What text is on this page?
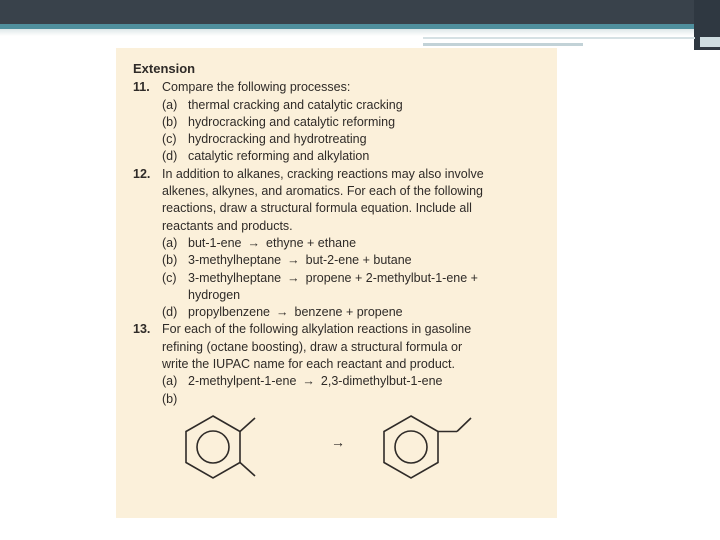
Extension
11. Compare the following processes:
(a) thermal cracking and catalytic cracking
(b) hydrocracking and catalytic reforming
(c) hydrocracking and hydrotreating
(d) catalytic reforming and alkylation
12. In addition to alkanes, cracking reactions may also involve
alkenes, alkynes, and aromatics. For each of the following
reactions, draw a structural formula equation. Include all
reactants and products.
(a) but-1-ene → ethyne + ethane
(b) 3-methylheptane → but-2-ene + butane
(c) 3-methylheptane → propene + 2-methylbut-1-ene +
hydrogen
(d) propylbenzene → benzene + propene
13. For each of the following alkylation reactions in gasoline
refining (octane boosting), draw a structural formula or
write the IUPAC name for each reactant and product.
(a) 2-methylpent-1-ene → 2,3-dimethylbut-1-ene
(b)
→
